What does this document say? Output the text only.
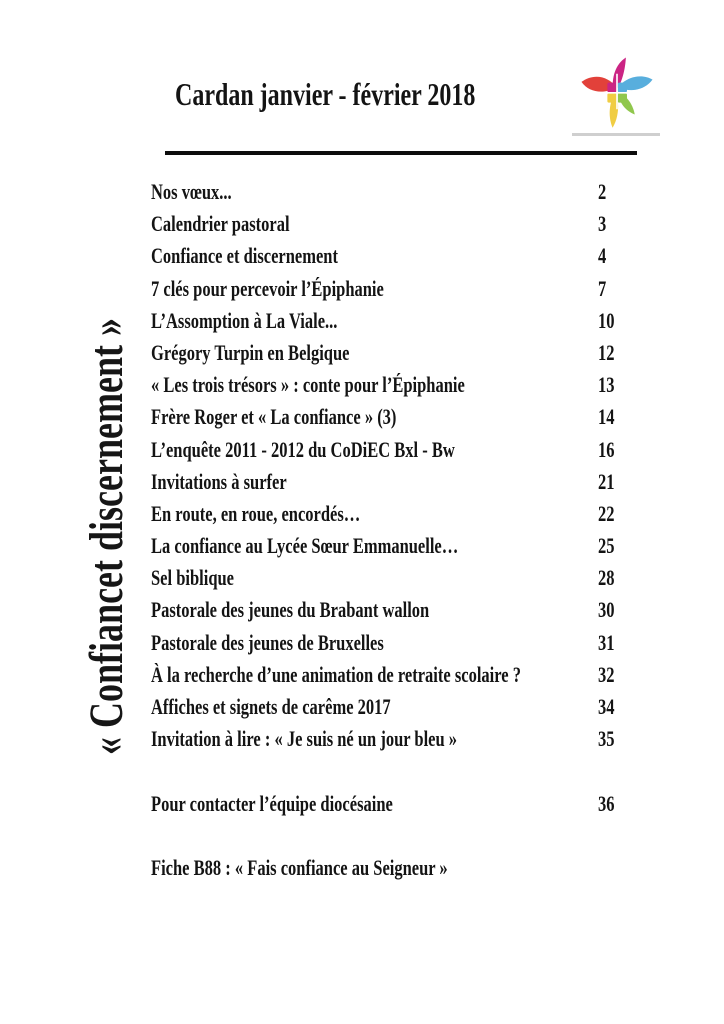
Cardan janvier - février 2018
« Confiancet discernement »
Nos vœux...	2
Calendrier pastoral	3
Confiance et discernement	4
7 clés pour percevoir l’Épiphanie	7
L’Assomption à La Viale...	10
Grégory Turpin en Belgique	12
« Les trois trésors » : conte pour l’Épiphanie	13
Frère Roger et « La confiance » (3)	14
L’enquête 2011 - 2012 du CoDiEC Bxl - Bw	16
Invitations à surfer	21
En route, en roue, encordés…	22
La confiance au Lycée Sœur Emmanuelle…	25
Sel biblique	28
Pastorale des jeunes du Brabant wallon	30
Pastorale des jeunes de Bruxelles	31
À la recherche d’une animation de retraite scolaire ?	32
Affiches et signets de carême 2017	34
Invitation à lire : « Je suis né un jour bleu »	35
Pour contacter l’équipe diocésaine	36
Fiche B88 : « Fais confiance au Seigneur »
